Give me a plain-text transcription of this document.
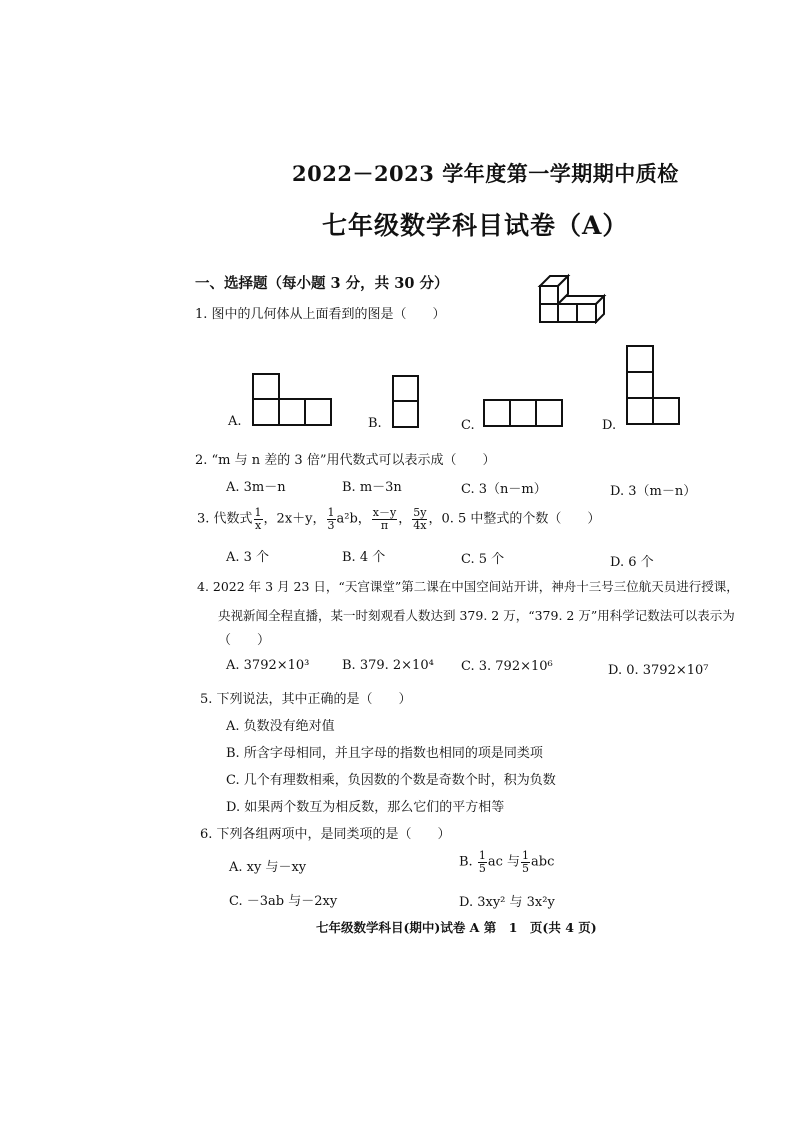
2022－2023 学年度第一学期期中质检
七年级数学科目试卷（A）
一、选择题（每小题 3 分，共 30 分）
1. 图中的几何体从上面看到的图是（　　）
A.	B.	C.	D.
2. “m 与 n 差的 3 倍”用代数式可以表示成（　　）
A. 3m－n	B. m－3n	C. 3（n－m）	D. 3（m－n）
3. 代数式 $\frac{1}{x}$ ，2x＋y， $\frac{1}{3} a^2b$， $\frac{x-y}{\pi}$ ， $\frac{5y}{4x}$ ，0. 5 中整式的个数（　　）
A. 3 个	B. 4 个	C. 5 个	D. 6 个
4. 2022 年 3 月 23 日，“天宫课堂”第二课在中国空间站开讲，神舟十三号三位航天员进行授课，
央视新闻全程直播，某一时刻观看人数达到 379. 2 万，“379. 2 万”用科学记数法可以表示为
（　　）
A. 3792×10³	B. 379. 2×10⁴ C. 3. 792×10⁶	D. 0. 3792×10⁷
5. 下列说法，其中正确的是（　　）
A. 负数没有绝对值
B. 所含字母相同，并且字母的指数也相同的项是同类项
C. 几个有理数相乘，负因数的个数是奇数个时，积为负数
D. 如果两个数互为相反数，那么它们的平方相等
6. 下列各组两项中，是同类项的是（　　）
A. xy 与－xy	B. $\frac{1}{5}$ ac 与 $\frac{1}{5}$ abc
C. －3ab 与－2xy	D. 3xy² 与 3x²y
七年级数学科目(期中)试卷 A 第　1　页(共 4 页)
